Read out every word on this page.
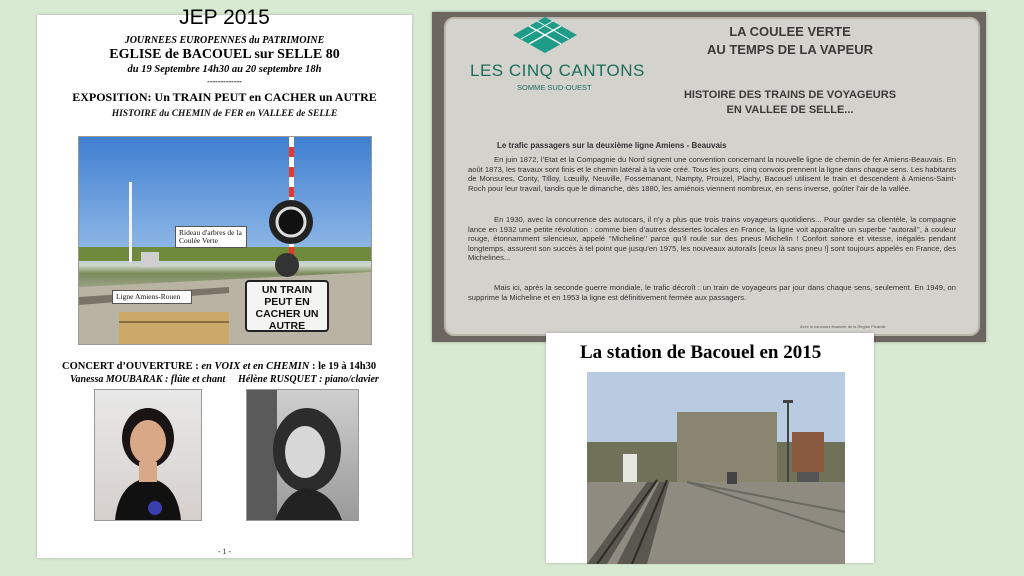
JEP 2015
JOURNEES EUROPENNES du PATRIMOINE
EGLISE de BACOUEL sur SELLE 80
du 19 Septembre 14h30 au 20 septembre 18h
-------------
EXPOSITION: Un TRAIN PEUT en CACHER un AUTRE
HISTOIRE du CHEMIN de FER en VALLEE de SELLE
Rideau d'arbres de la Coulée Verte
Ligne Amiens-Rouen
UN TRAIN PEUT EN CACHER UN AUTRE
CONCERT d’OUVERTURE : en VOIX et en CHEMIN : le 19 à 14h30
Vanessa MOUBARAK : flûte et chant Hélène RUSQUET : piano/clavier
- 1 -
LES CINQ CANTONS
SOMME SUD-OUEST
LA COULEE VERTE
AU TEMPS DE LA VAPEUR
HISTOIRE DES TRAINS DE VOYAGEURS
EN VALLEE DE SELLE...
Le trafic passagers sur la deuxième ligne Amiens - Beauvais
En juin 1872, l’Etat et la Compagnie du Nord signent une convention concernant la nouvelle ligne de chemin de fer Amiens-Beauvais. En août 1873, les travaux sont finis et le chemin latéral à la voie créé. Tous les jours, cinq convois prennent la ligne dans chaque sens. Les habitants de Monsures, Conty, Tilloy, Lœuilly, Neuville, Fossemanant, Nampty, Prouzel, Plachy, Bacouel utilisent le train et descendent à Amiens-Saint-Roch pour leur travail, tandis que le dimanche, dès 1880, les amiénois viennent nombreux, en sens inverse, goûter l’air de la vallée.
En 1930, avec la concurrence des autocars, il n’y a plus que trois trains voyageurs quotidiens... Pour garder sa clientèle, la compagnie lance en 1932 une petite révolution : comme bien d’autres dessertes locales en France, la ligne voit apparaître un superbe ‘‘autorail’’, à couleur rouge, étonnamment silencieux, appelé ‘‘Micheline’’ parce qu’il roule sur des pneus Michelin ! Confort sonore et vitesse, inégalés pendant longtemps, assurent son succès à tel point que jusqu’en 1975, les nouveaux autorails [ceux là sans pneu !] sont toujours appelés en France, des Michelines...
Mais ici, après la seconde guerre mondiale, le trafic décroît : un train de voyageurs par jour dans chaque sens, seulement. En 1949, on supprime la Micheline et en 1953 la ligne est définitivement fermée aux passagers.
Avec le concours financier de la Région Picardie
La station de Bacouel en 2015
